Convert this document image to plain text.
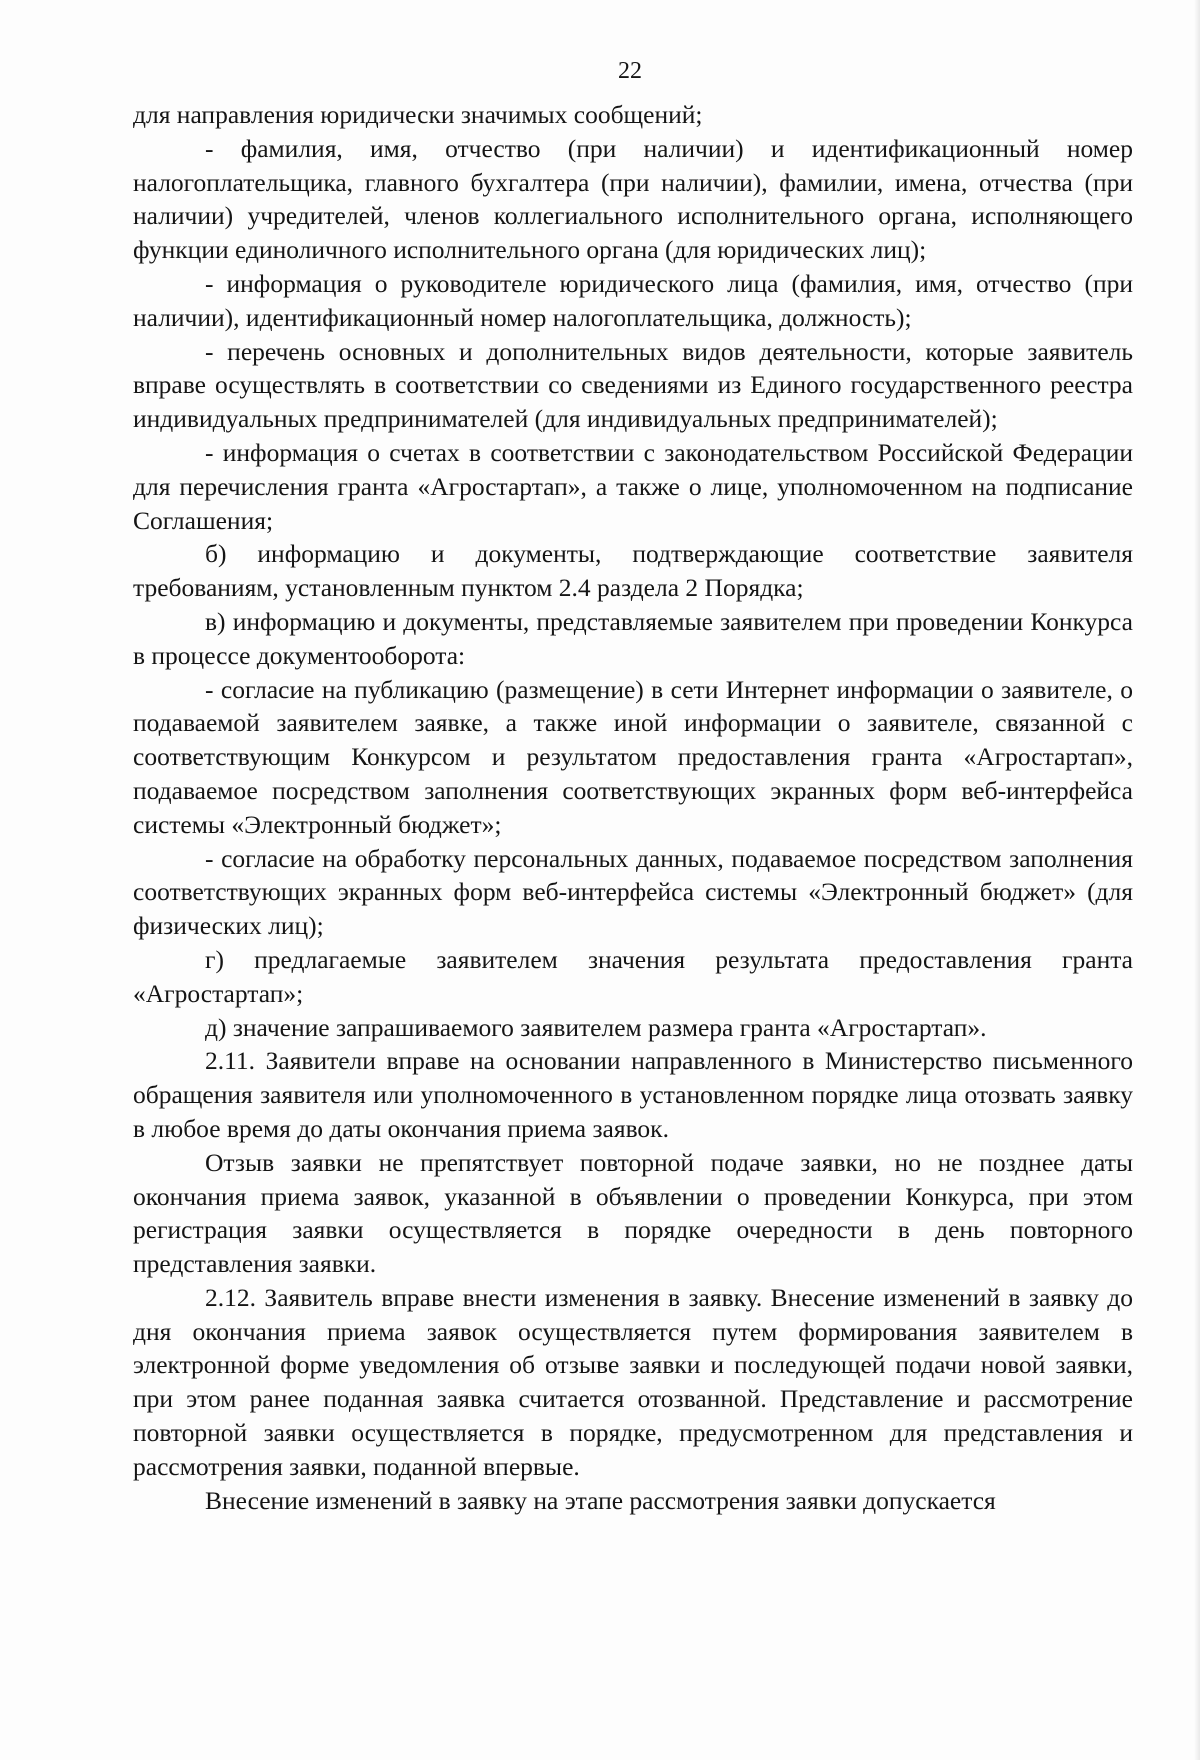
22

для направления юридически значимых сообщений;

- фамилия, имя, отчество (при наличии) и идентификационный номер налогоплательщика, главного бухгалтера (при наличии), фамилии, имена, отчества (при наличии) учредителей, членов коллегиального исполнительного органа, исполняющего функции единоличного исполнительного органа (для юридических лиц);

- информация о руководителе юридического лица (фамилия, имя, отчество (при наличии), идентификационный номер налогоплательщика, должность);

- перечень основных и дополнительных видов деятельности, которые заявитель вправе осуществлять в соответствии со сведениями из Единого государственного реестра индивидуальных предпринимателей (для индивидуальных предпринимателей);

- информация о счетах в соответствии с законодательством Российской Федерации для перечисления гранта «Агростартап», а также о лице, уполномоченном на подписание Соглашения;

б) информацию и документы, подтверждающие соответствие заявителя требованиям, установленным пунктом 2.4 раздела 2 Порядка;

в) информацию и документы, представляемые заявителем при проведении Конкурса в процессе документооборота:

- согласие на публикацию (размещение) в сети Интернет информации о заявителе, о подаваемой заявителем заявке, а также иной информации о заявителе, связанной с соответствующим Конкурсом и результатом предоставления гранта «Агростартап», подаваемое посредством заполнения соответствующих экранных форм веб-интерфейса системы «Электронный бюджет»;

- согласие на обработку персональных данных, подаваемое посредством заполнения соответствующих экранных форм веб-интерфейса системы «Электронный бюджет» (для физических лиц);

г) предлагаемые заявителем значения результата предоставления гранта «Агростартап»;

д) значение запрашиваемого заявителем размера гранта «Агростартап».

2.11. Заявители вправе на основании направленного в Министерство письменного обращения заявителя или уполномоченного в установленном порядке лица отозвать заявку в любое время до даты окончания приема заявок.

Отзыв заявки не препятствует повторной подаче заявки, но не позднее даты окончания приема заявок, указанной в объявлении о проведении Конкурса, при этом регистрация заявки осуществляется в порядке очередности в день повторного представления заявки.

2.12. Заявитель вправе внести изменения в заявку. Внесение изменений в заявку до дня окончания приема заявок осуществляется путем формирования заявителем в электронной форме уведомления об отзыве заявки и последующей подачи новой заявки, при этом ранее поданная заявка считается отозванной. Представление и рассмотрение повторной заявки осуществляется в порядке, предусмотренном для представления и рассмотрения заявки, поданной впервые.

Внесение изменений в заявку на этапе рассмотрения заявки допускается
